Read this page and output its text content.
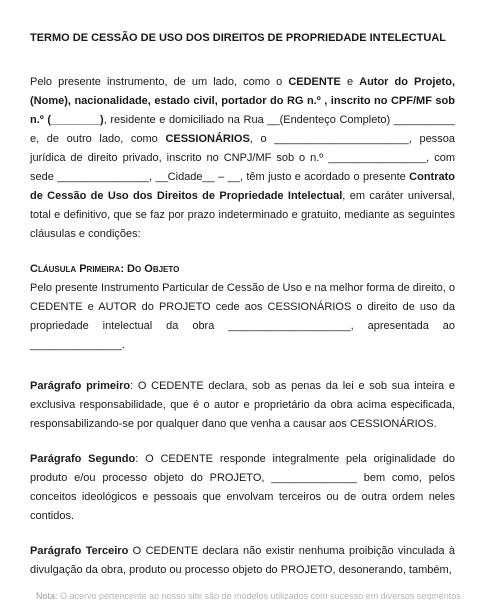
TERMO DE CESSÃO DE USO DOS DIREITOS DE PROPRIEDADE INTELECTUAL

Pelo presente instrumento, de um lado, como o CEDENTE e Autor do Projeto, (Nome), nacionalidade, estado civil, portador do RG n.º , inscrito no CPF/MF sob n.º (________), residente e domiciliado na Rua __(Endenteço Completo) __________ e, de outro lado, como CESSIONÁRIOS, o ______________________, pessoa jurídica de direito privado, inscrito no CNPJ/MF sob o n.º ________________, com sede _______________, __Cidade__ – __, têm justo e acordado o presente Contrato de Cessão de Uso dos Direitos de Propriedade Intelectual, em caráter universal, total e definitivo, que se faz por prazo indeterminado e gratuito, mediante as seguintes cláusulas e condições:

Cláusula Primeira: Do Objeto

Pelo presente Instrumento Particular de Cessão de Uso e na melhor forma de direito, o CEDENTE e AUTOR do PROJETO cede aos CESSIONÁRIOS o direito de uso da propriedade intelectual da obra ____________________, apresentada ao _______________.

Parágrafo primeiro: O CEDENTE declara, sob as penas da lei e sob sua inteira e exclusiva responsabilidade, que é o autor e proprietário da obra acima especificada, responsabilizando-se por qualquer dano que venha a causar aos CESSIONÁRIOS.

Parágrafo Segundo: O CEDENTE responde integralmente pela originalidade do produto e/ou processo objeto do PROJETO, ______________ bem como, pelos conceitos ideológicos e pessoais que envolvam terceiros ou de outra ordem neles contidos.

Parágrafo Terceiro O CEDENTE declara não existir nenhuma proibição vinculada à divulgação da obra, produto ou processo objeto do PROJETO, desonerando, também,

Nota: O acervo pertencente ao nosso site são de modelos utilizados com sucesso em diversos segmentos
